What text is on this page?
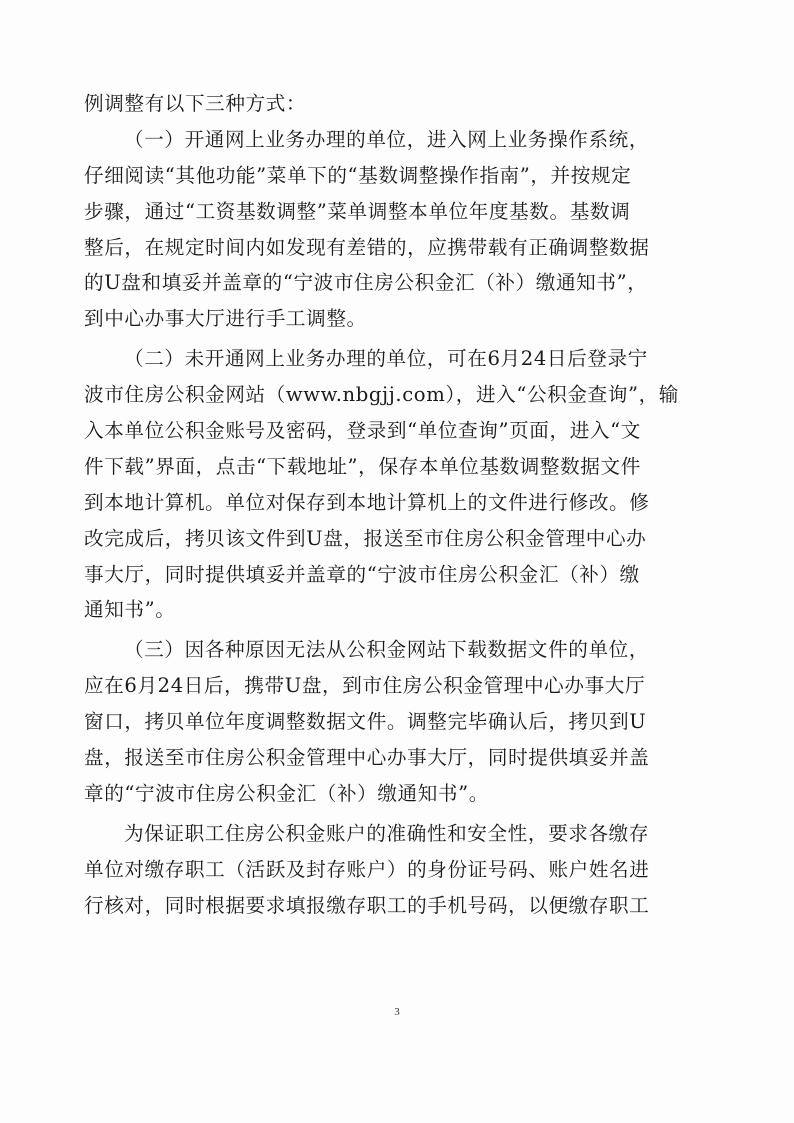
例调整有以下三种方式：
（一）开通网上业务办理的单位，进入网上业务操作系统，
仔细阅读“其他功能”菜单下的“基数调整操作指南”，并按规定
步骤，通过“工资基数调整”菜单调整本单位年度基数。基数调
整后，在规定时间内如发现有差错的，应携带载有正确调整数据
的U盘和填妥并盖章的“宁波市住房公积金汇（补）缴通知书”，
到中心办事大厅进行手工调整。
（二）未开通网上业务办理的单位，可在6月24日后登录宁
波市住房公积金网站（www.nbgjj.com），进入“公积金查询”，输
入本单位公积金账号及密码，登录到“单位查询”页面，进入“文
件下载”界面，点击“下载地址”，保存本单位基数调整数据文件
到本地计算机。单位对保存到本地计算机上的文件进行修改。修
改完成后，拷贝该文件到U盘，报送至市住房公积金管理中心办
事大厅，同时提供填妥并盖章的“宁波市住房公积金汇（补）缴
通知书”。
（三）因各种原因无法从公积金网站下载数据文件的单位，
应在6月24日后，携带U盘，到市住房公积金管理中心办事大厅
窗口，拷贝单位年度调整数据文件。调整完毕确认后，拷贝到U
盘，报送至市住房公积金管理中心办事大厅，同时提供填妥并盖
章的“宁波市住房公积金汇（补）缴通知书”。
为保证职工住房公积金账户的准确性和安全性，要求各缴存
单位对缴存职工（活跃及封存账户）的身份证号码、账户姓名进
行核对，同时根据要求填报缴存职工的手机号码，以便缴存职工
3
